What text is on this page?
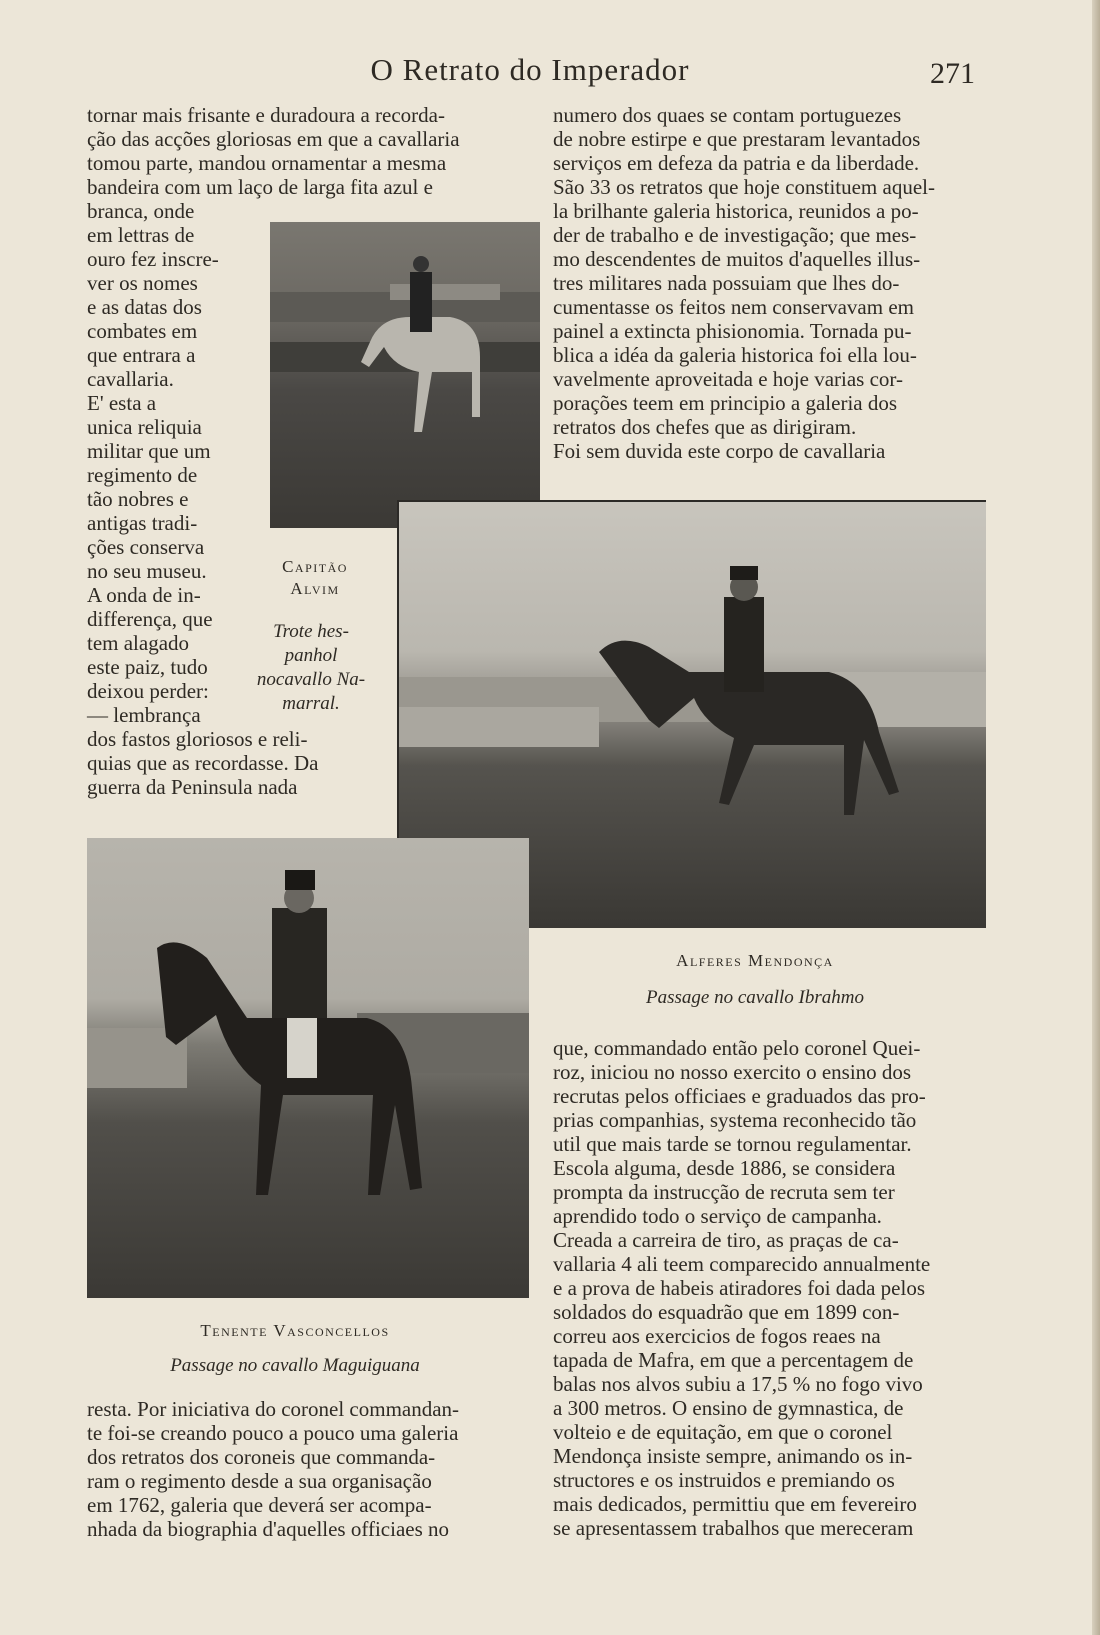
O Retrato do Imperador	271
tornar mais frisante e duradoura a recorda-
ção das acções gloriosas em que a cavallaria
tomou parte, mandou ornamentar a mesma
bandeira com um laço de larga fita azul e
branca, onde
em lettras de
ouro fez inscre-
ver os nomes
e as datas dos
combates em
que entrara a
cavallaria.
E' esta a
unica reliquia
militar que um
regimento de
tão nobres e
antigas tradi-
ções conserva
no seu museu.
A onda de in-
differença, que
tem alagado
este paiz, tudo
deixou perder:
— lembrança
dos fastos gloriosos e reli-
quias que as recordasse. Da
guerra da Peninsula nada
numero dos quaes se contam portuguezes
de nobre estirpe e que prestaram levantados
serviços em defeza da patria e da liberdade.
São 33 os retratos que hoje constituem aquel-
la brilhante galeria historica, reunidos a po-
der de trabalho e de investigação; que mes-
mo descendentes de muitos d'aquelles illus-
tres militares nada possuiam que lhes do-
cumentasse os feitos nem conservavam em
painel a extincta phisionomia. Tornada pu-
blica a idéa da galeria historica foi ella lou-
vavelmente aproveitada e hoje varias cor-
porações teem em principio a galeria dos
retratos dos chefes que as dirigiram.
Foi sem duvida este corpo de cavallaria
que, commandado então pelo coronel Quei-
roz, iniciou no nosso exercito o ensino dos
recrutas pelos officiaes e graduados das pro-
prias companhias, systema reconhecido tão
util que mais tarde se tornou regulamentar.
Escola alguma, desde 1886, se considera
prompta da instrucção de recruta sem ter
aprendido todo o serviço de campanha.
Creada a carreira de tiro, as praças de ca-
vallaria 4 ali teem comparecido annualmente
e a prova de habeis atiradores foi dada pelos
soldados do esquadrão que em 1899 con-
correu aos exercicios de fogos reaes na
tapada de Mafra, em que a percentagem de
balas nos alvos subiu a 17,5 % no fogo vivo
a 300 metros. O ensino de gymnastica, de
volteio e de equitação, em que o coronel
Mendonça insiste sempre, animando os in-
structores e os instruidos e premiando os
mais dedicados, permittiu que em fevereiro
se apresentassem trabalhos que mereceram
resta. Por iniciativa do coronel commandan-
te foi-se creando pouco a pouco uma galeria
dos retratos dos coroneis que commanda-
ram o regimento desde a sua organisação
em 1762, galeria que deverá ser acompa-
nhada da biographia d'aquelles officiaes no
Capitão Alvim
Trote hes-panhol nocavallo Na-marral.
Alferes Mendonça
Passage no cavallo Ibrahmo
Tenente Vasconcellos
Passage no cavallo Maguiguana
